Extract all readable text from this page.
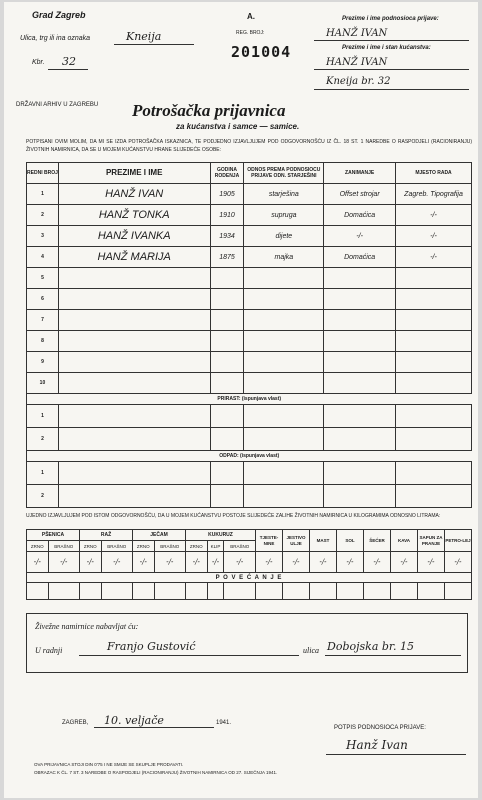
Grad Zagreb	A.
Ulica, trg ili ina oznaka	Kneija
Kbr. 32
REG. BROJ:
201004
Prezime i ime podnosioca prijave:
HANŽ IVAN
Prezime i ime i stan kućanstva:
HANŽ IVAN
Kneija br. 32
DRŽAVNI ARHIV U ZAGREBU Potrošačka prijavnica
za kućanstva i samce — samice.
POTPISANI OVIM MOLIM, DA MI SE IZDA POTROŠAČKA ISKAZNICA, TE PODJEDNO IZJAVLJUJEM POD ODGOVORNOŠĆU IZ ČL. 18 ST. 1 NAREDBE O RASPODJELI (RACIONIRANJU) ŽIVOTNIH NAMIRNICA, DA SE U MOJEM KUĆANSTVU HRANE SLIJEDEĆE OSOBE:
REDNI BROJ	PREZIME I IME	GODINA RODENJA	ODNOS PREMA PODNOSIOCU PRIJAVE ODN. STARJEŠINI	ZANIMANJE	MJESTO RADA
1	HANŽ IVAN	1905	starješina	Offset strojar	Zagreb. Tipografija
2	HANŽ TONKA	1910	supruga	Domaćica	-/-
3	HANŽ IVANKA	1934	dijete	-/-	-/-
4	HANŽ MARIJA	1875	majka	Domaćica	-/-
5					
6					
7					
8					
9					
10					
PRIRAST: (ispunjava vlast)					
1					
2					
ODPAD: (ispunjava vlast)					
1					
2					
UJEDNO IZJAVLJUJEM POD ISTOM ODGOVORNOŠĆU, DA U MOJEM KUĆANSTVU POSTOJE SLIJEDEĆE ZALIHE ŽIVOTNIH NAMIRNICA U KILOGRAMIMA ODNOSNO LITRAMA:
PŠENICA		RAŽ		JEČAM		KUKURUZ			TJESTE-NINE	JESTIVO ULJE	MAST	SOL	ŠEĆER	KAVA	SAPUN ZA PRANJE	PETRO-LEJ
ZRNO	BRAŠNO	ZRNO	BRAŠNO	ZRNO	BRAŠNO	ZRNO	KLIP	BRAŠNO								
-/-	-/-	-/-	-/-	-/-	-/-	-/-	-/-	-/-	-/-	-/-	-/-	-/-	-/-	-/-	-/-	-/-
P O V E Ć A N J E																

Živežne namirnice nabavljat ću:
U radnji	Franjo Gustović	ulica Dobojska br. 15
ZAGREB, 10. veljače	1941.
POTPIS PODNOSIOCA PRIJAVE:
Hanž Ivan
OVA PRIJAVNICA STOJI DIN 0'75 I NE SMIJE SE SKUPLJE PRODAVATI.
OBRAZAC K ČL. 7 ST. 3 NAREDBE O RASPODJELI (RACIONIRANJU) ŽIVOTNIH NAMIRNICA OD 27. SIJEČNJA 1941.
